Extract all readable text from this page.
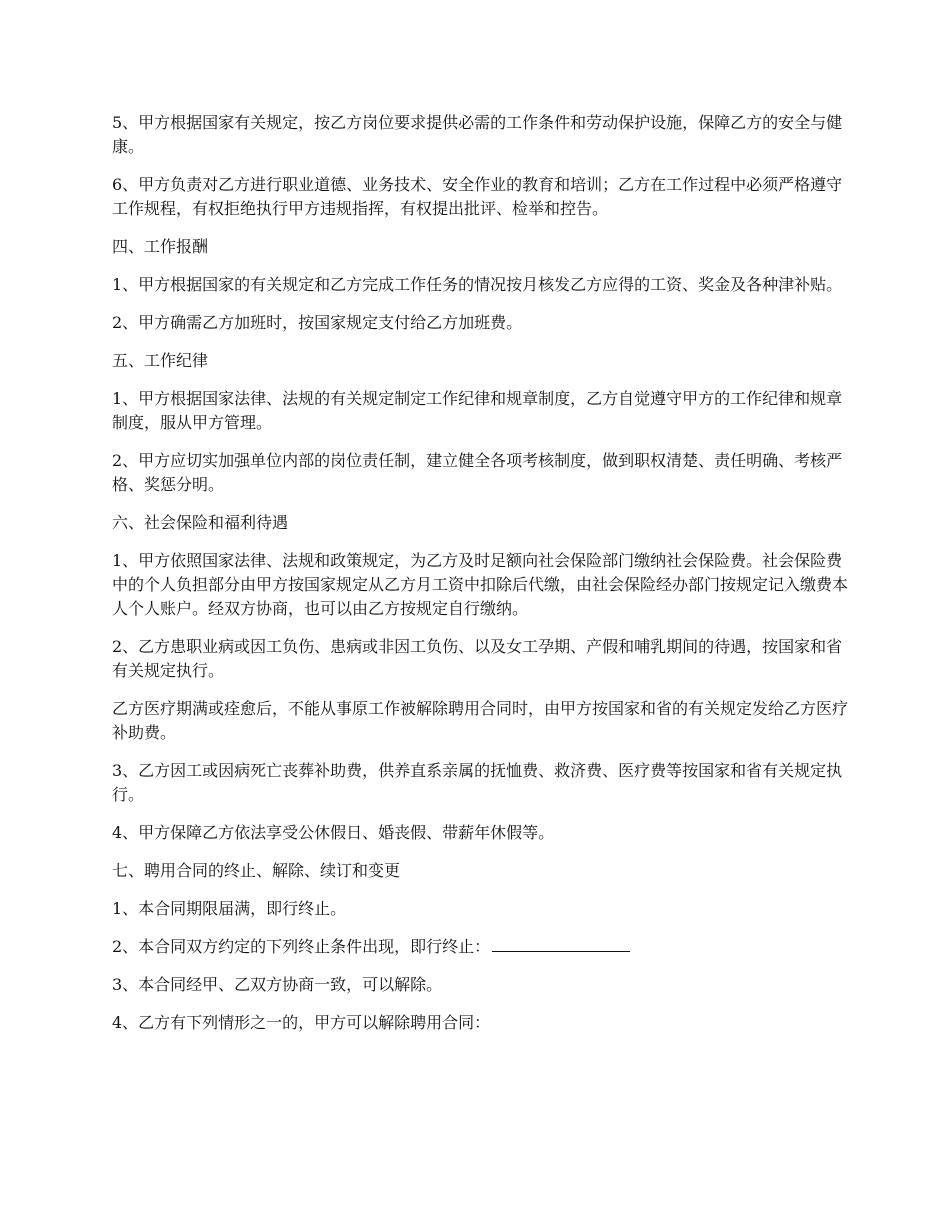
5、甲方根据国家有关规定，按乙方岗位要求提供必需的工作条件和劳动保护设施，保障乙方的安全与健康。

6、甲方负责对乙方进行职业道德、业务技术、安全作业的教育和培训；乙方在工作过程中必须严格遵守工作规程，有权拒绝执行甲方违规指挥，有权提出批评、检举和控告。

四、工作报酬

1、甲方根据国家的有关规定和乙方完成工作任务的情况按月核发乙方应得的工资、奖金及各种津补贴。

2、甲方确需乙方加班时，按国家规定支付给乙方加班费。

五、工作纪律

1、甲方根据国家法律、法规的有关规定制定工作纪律和规章制度，乙方自觉遵守甲方的工作纪律和规章制度，服从甲方管理。

2、甲方应切实加强单位内部的岗位责任制，建立健全各项考核制度，做到职权清楚、责任明确、考核严格、奖惩分明。

六、社会保险和福利待遇

1、甲方依照国家法律、法规和政策规定，为乙方及时足额向社会保险部门缴纳社会保险费。社会保险费中的个人负担部分由甲方按国家规定从乙方月工资中扣除后代缴，由社会保险经办部门按规定记入缴费本人个人账户。经双方协商，也可以由乙方按规定自行缴纳。

2、乙方患职业病或因工负伤、患病或非因工负伤、以及女工孕期、产假和哺乳期间的待遇，按国家和省有关规定执行。

乙方医疗期满或痊愈后，不能从事原工作被解除聘用合同时，由甲方按国家和省的有关规定发给乙方医疗补助费。

3、乙方因工或因病死亡丧葬补助费，供养直系亲属的抚恤费、救济费、医疗费等按国家和省有关规定执行。

4、甲方保障乙方依法享受公休假日、婚丧假、带薪年休假等。

七、聘用合同的终止、解除、续订和变更

1、本合同期限届满，即行终止。

2、本合同双方约定的下列终止条件出现，即行终止：

3、本合同经甲、乙双方协商一致，可以解除。

4、乙方有下列情形之一的，甲方可以解除聘用合同：
